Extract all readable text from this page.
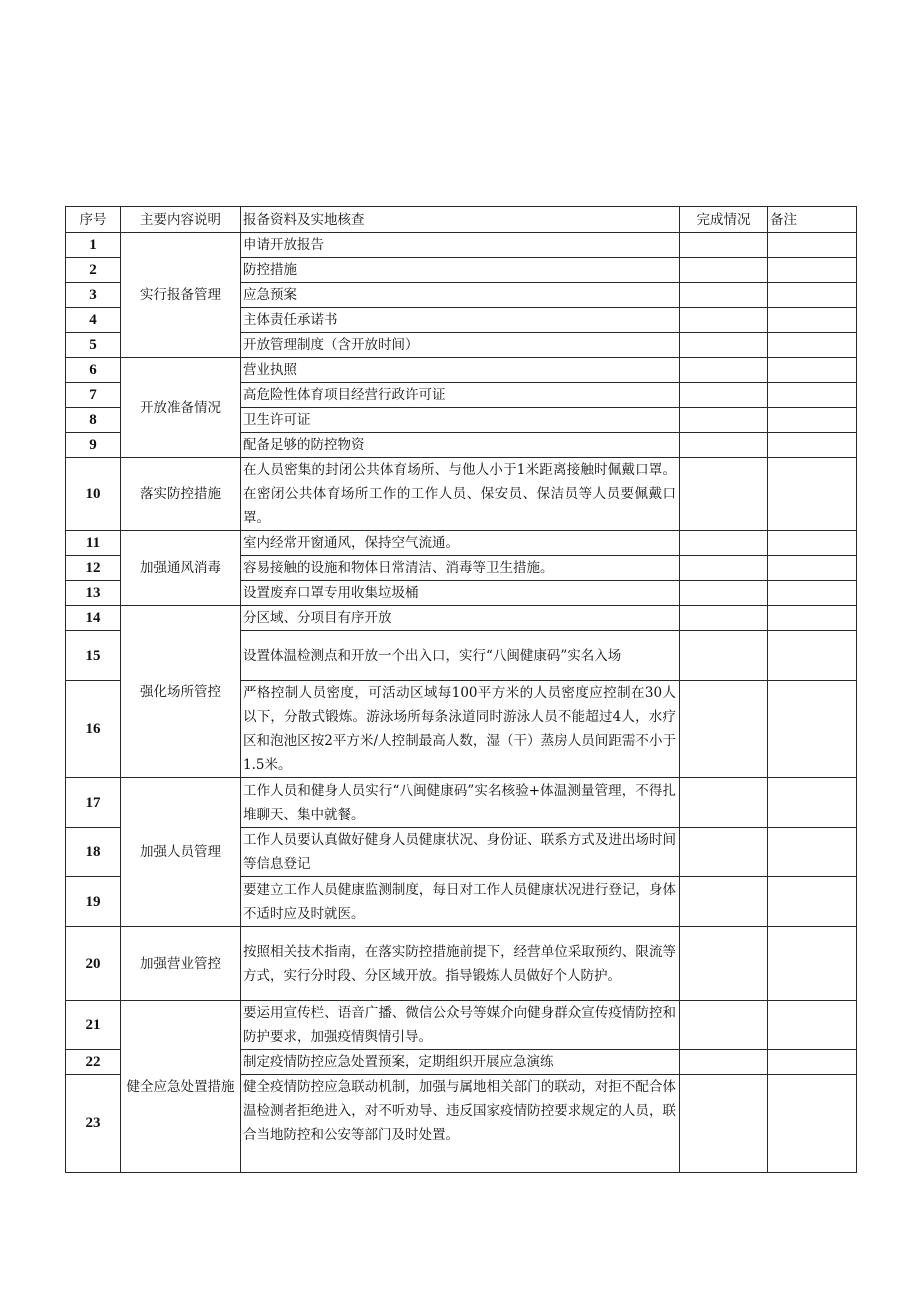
序号	主要内容说明	报备资料及实地核查	完成情况	备注
1	实行报备管理	申请开放报告		
2		防控措施		
3		应急预案		
4		主体责任承诺书		
5		开放管理制度（含开放时间）		
6	开放准备情况	营业执照		
7		高危险性体育项目经营行政许可证		
8		卫生许可证		
9		配备足够的防控物资		
10	落实防控措施	在人员密集的封闭公共体育场所、与他人小于1米距离接触时佩戴口罩。在密闭公共体育场所工作的工作人员、保安员、保洁员等人员要佩戴口罩。		
11	加强通风消毒	室内经常开窗通风，保持空气流通。		
12		容易接触的设施和物体日常清洁、消毒等卫生措施。		
13		设置废弃口罩专用收集垃圾桶		
14	强化场所管控	分区域、分项目有序开放		
15		设置体温检测点和开放一个出入口，实行“八闽健康码”实名入场		
16		严格控制人员密度，可活动区域每100平方米的人员密度应控制在30人以下，分散式锻炼。游泳场所每条泳道同时游泳人员不能超过4人，水疗区和泡池区按2平方米/人控制最高人数，湿（干）蒸房人员间距需不小于1.5米。		
17	加强人员管理	工作人员和健身人员实行“八闽健康码”实名核验+体温测量管理，不得扎堆聊天、集中就餐。		
18		工作人员要认真做好健身人员健康状况、身份证、联系方式及进出场时间等信息登记		
19		要建立工作人员健康监测制度，每日对工作人员健康状况进行登记，身体不适时应及时就医。		
20	加强营业管控	按照相关技术指南，在落实防控措施前提下，经营单位采取预约、限流等方式，实行分时段、分区域开放。指导锻炼人员做好个人防护。		
21	健全应急处置措施	要运用宣传栏、语音广播、微信公众号等媒介向健身群众宣传疫情防控和防护要求，加强疫情舆情引导。		
22		制定疫情防控应急处置预案，定期组织开展应急演练		
23		健全疫情防控应急联动机制，加强与属地相关部门的联动，对拒不配合体温检测者拒绝进入，对不听劝导、违反国家疫情防控要求规定的人员，联合当地防控和公安等部门及时处置。		
